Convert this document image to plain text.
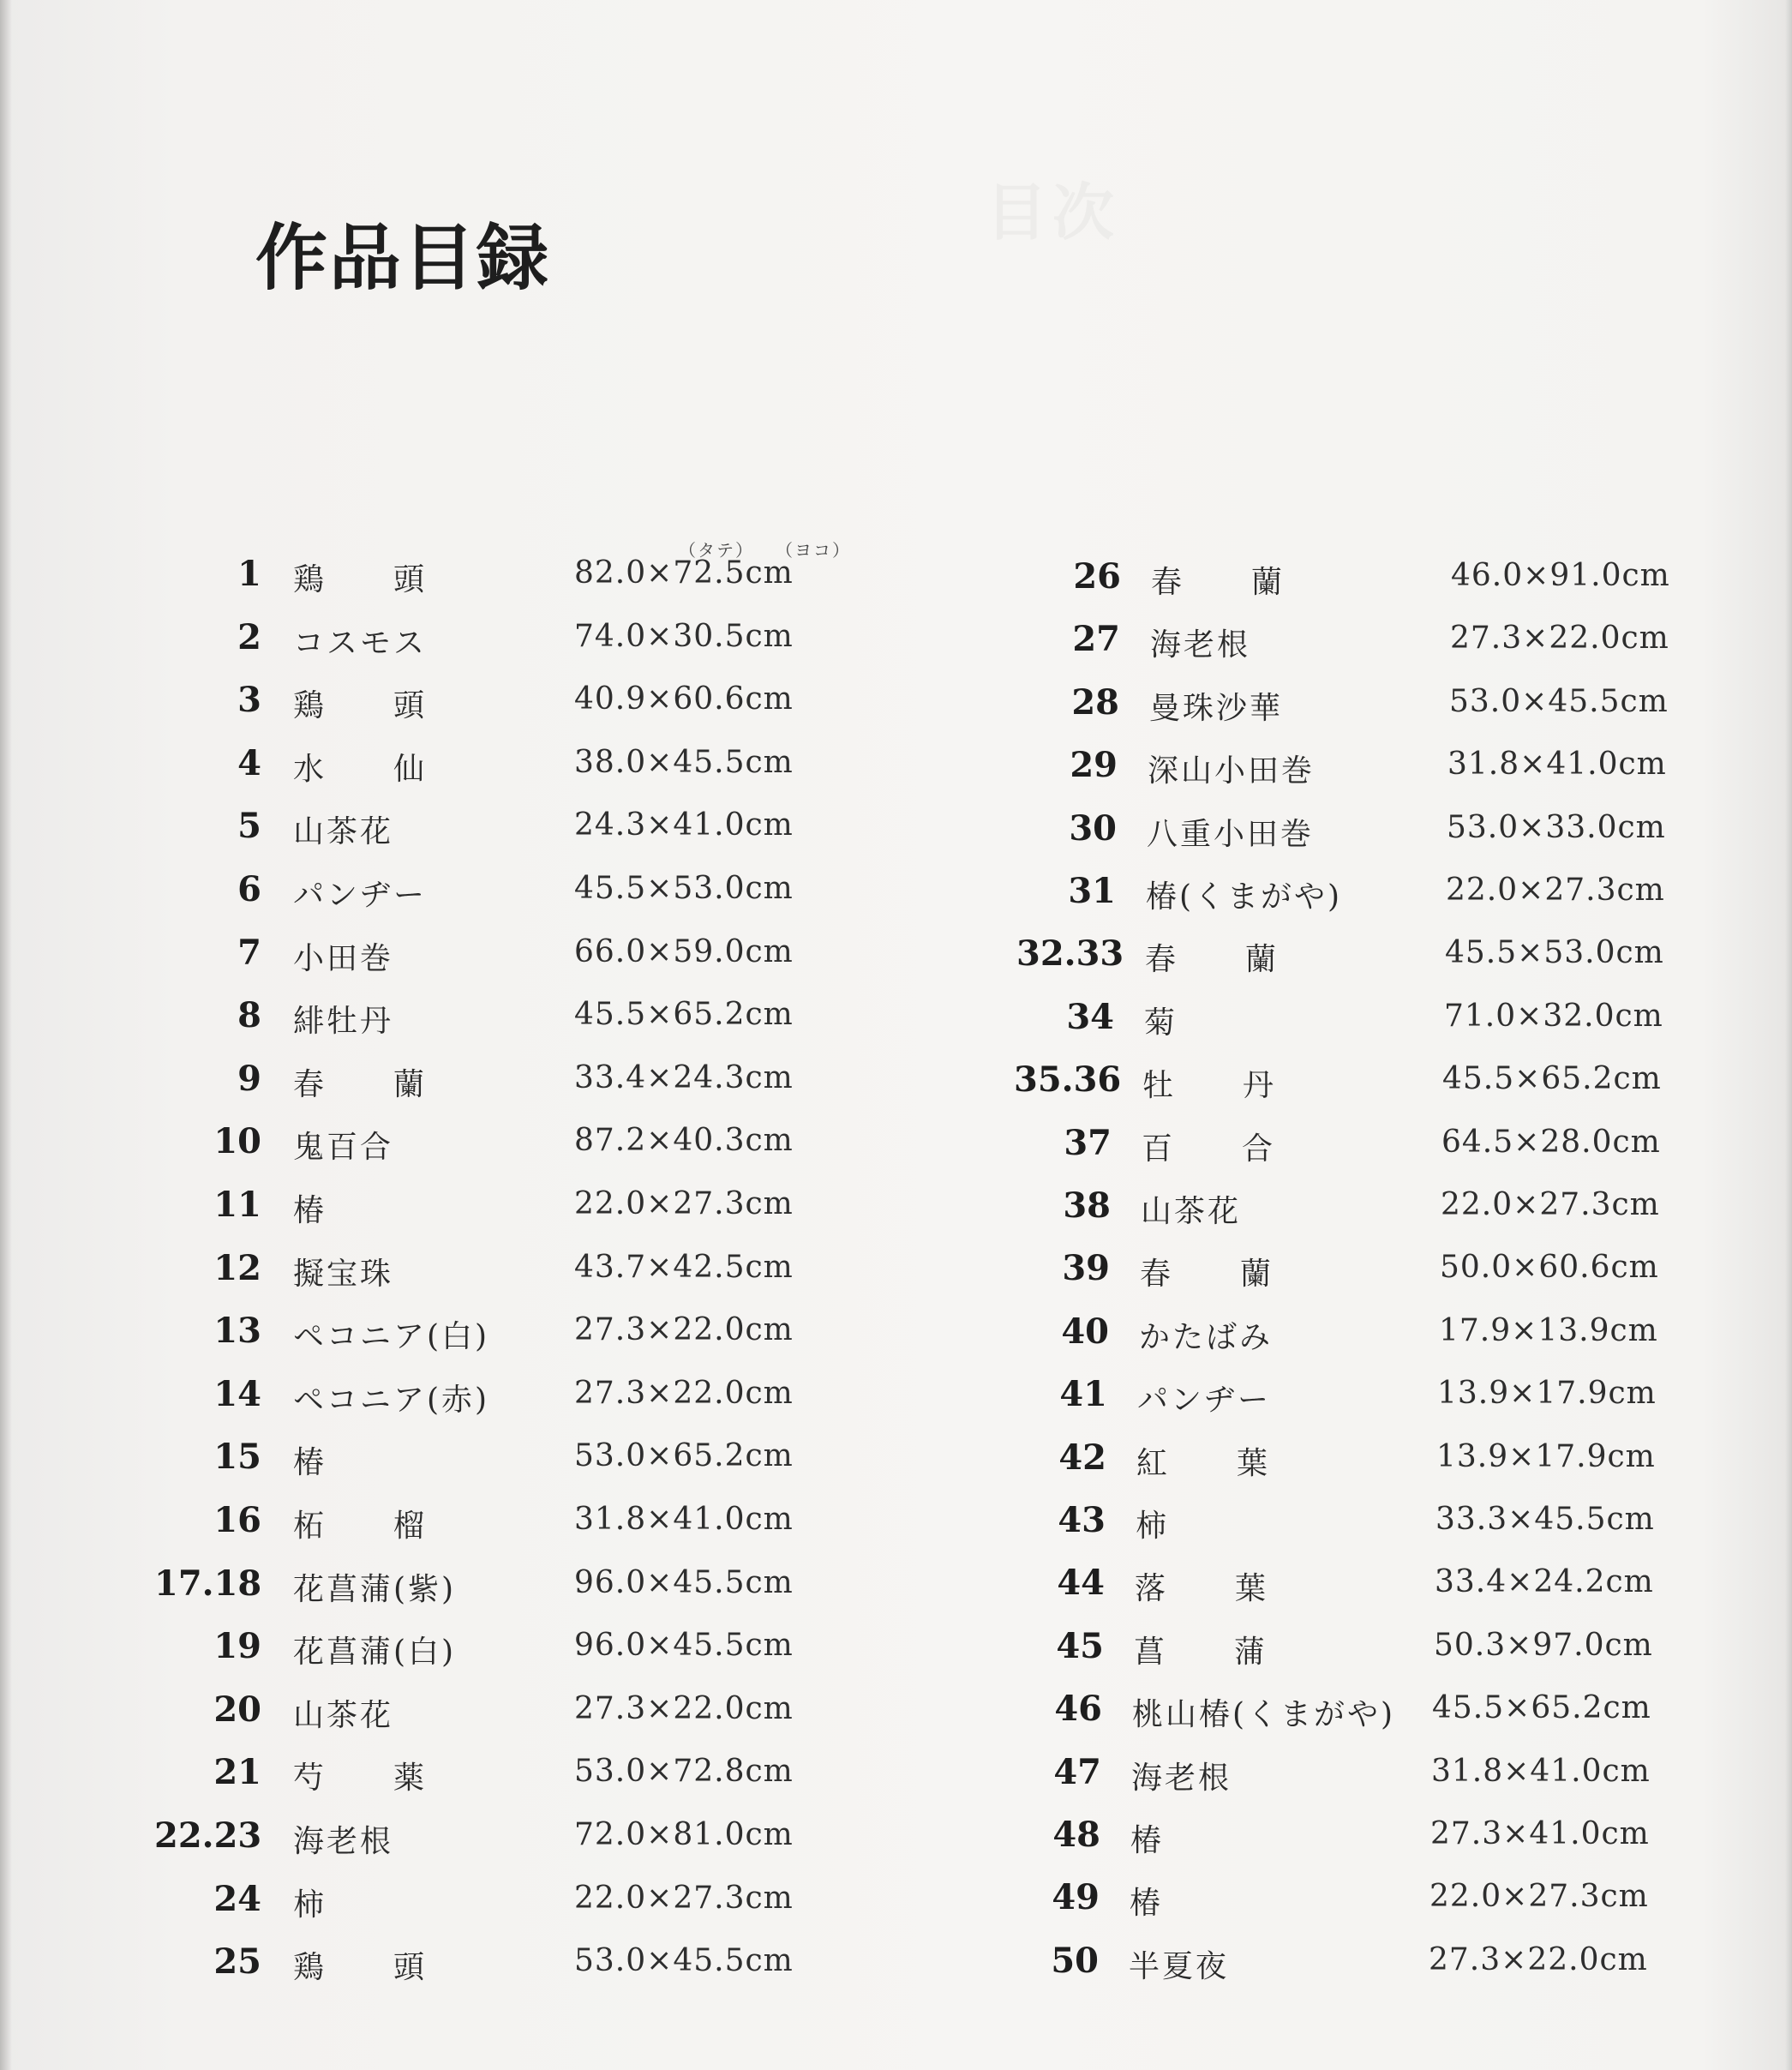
作品目録
（タテ） （ヨコ）
1 鶏　　頭	82.0×72.5cm
2 コスモス	74.0×30.5cm
3 鶏　　頭	40.9×60.6cm
4 水　　仙	38.0×45.5cm
5 山茶花	24.3×41.0cm
6 パンヂー	45.5×53.0cm
7 小田巻	66.0×59.0cm
8 緋牡丹	45.5×65.2cm
9 春　　蘭	33.4×24.3cm
10 鬼百合	87.2×40.3cm
11 椿	22.0×27.3cm
12 擬宝珠	43.7×42.5cm
13 ペコニア(白)	27.3×22.0cm
14 ペコニア(赤)	27.3×22.0cm
15 椿	53.0×65.2cm
16 柘　　榴	31.8×41.0cm
17.18 花菖蒲(紫)	96.0×45.5cm
19 花菖蒲(白)	96.0×45.5cm
20 山茶花	27.3×22.0cm
21 芍　　薬	53.0×72.8cm
22.23 海老根	72.0×81.0cm
24 柿	22.0×27.3cm
25 鶏　　頭	53.0×45.5cm
26 春　　蘭	46.0×91.0cm
27 海老根	27.3×22.0cm
28 曼珠沙華	53.0×45.5cm
29 深山小田巻	31.8×41.0cm
30 八重小田巻	53.0×33.0cm
31 椿(くまがや)	22.0×27.3cm
32.33 春　　蘭	45.5×53.0cm
34 菊	71.0×32.0cm
35.36 牡　　丹	45.5×65.2cm
37 百　　合	64.5×28.0cm
38 山茶花	22.0×27.3cm
39 春　　蘭	50.0×60.6cm
40 かたばみ	17.9×13.9cm
41 パンヂー	13.9×17.9cm
42 紅　　葉	13.9×17.9cm
43 柿	33.3×45.5cm
44 落　　葉	33.4×24.2cm
45 菖　　蒲	50.3×97.0cm
46 桃山椿(くまがや) 45.5×65.2cm
47 海老根	31.8×41.0cm
48 椿	27.3×41.0cm
49 椿	22.0×27.3cm
50 半夏夜	27.3×22.0cm
